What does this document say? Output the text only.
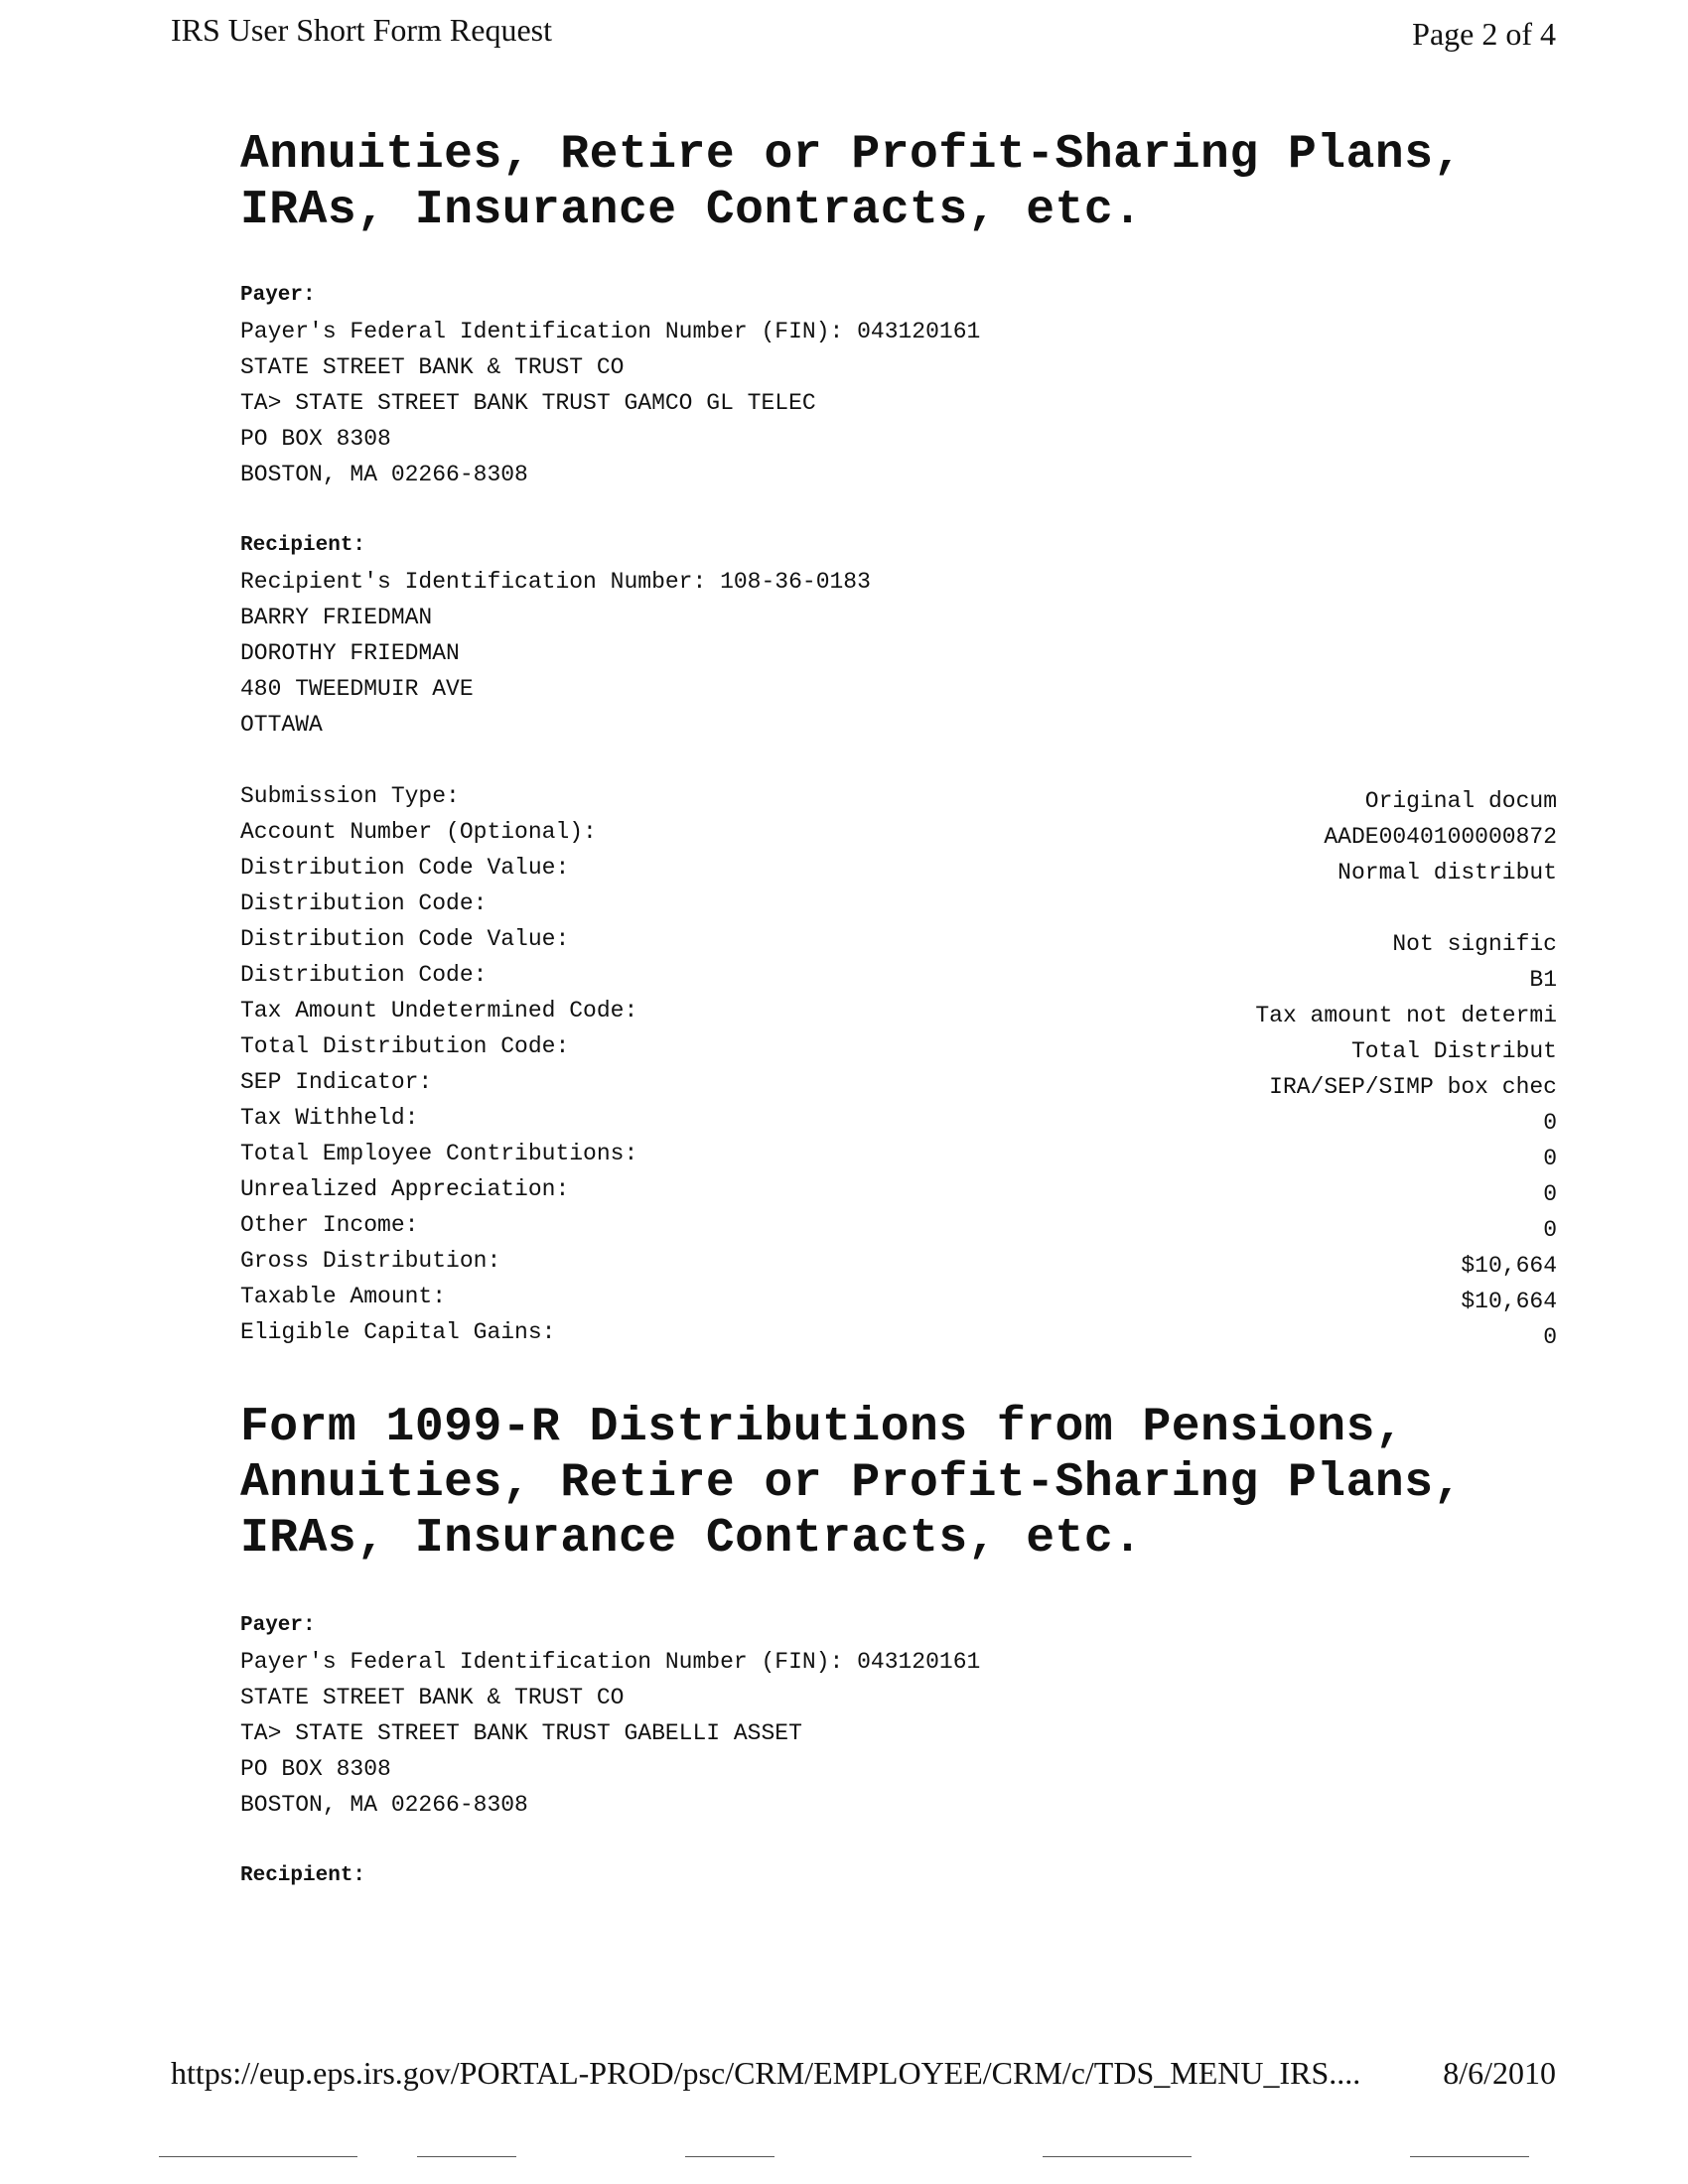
IRS User Short Form Request	Page 2 of 4
Annuities, Retire or Profit-Sharing Plans,
IRAs, Insurance Contracts, etc.
Payer:
Payer's Federal Identification Number (FIN): 043120161
STATE STREET BANK & TRUST CO
TA> STATE STREET BANK TRUST GAMCO GL TELEC
PO BOX 8308
BOSTON, MA 02266-8308
Recipient:
Recipient's Identification Number: 108-36-0183
BARRY FRIEDMAN
DOROTHY FRIEDMAN
480 TWEEDMUIR AVE
OTTAWA
Submission Type:	Original docum
Account Number (Optional):	AADE0040100000872
Distribution Code Value:	Normal distribut
Distribution Code:
Distribution Code Value:	Not signific
Distribution Code:	B1
Tax Amount Undetermined Code:	Tax amount not determi
Total Distribution Code:	Total Distribut
SEP Indicator:	IRA/SEP/SIMP box chec
Tax Withheld:	0
Total Employee Contributions:	0
Unrealized Appreciation:	0
Other Income:	0
Gross Distribution:	$10,664
Taxable Amount:	$10,664
Eligible Capital Gains:	0
Form 1099-R Distributions from Pensions,
Annuities, Retire or Profit-Sharing Plans,
IRAs, Insurance Contracts, etc.
Payer:
Payer's Federal Identification Number (FIN): 043120161
STATE STREET BANK & TRUST CO
TA> STATE STREET BANK TRUST GABELLI ASSET
PO BOX 8308
BOSTON, MA 02266-8308
Recipient:
https://eup.eps.irs.gov/PORTAL-PROD/psc/CRM/EMPLOYEE/CRM/c/TDS_MENU_IRS....	8/6/2010
